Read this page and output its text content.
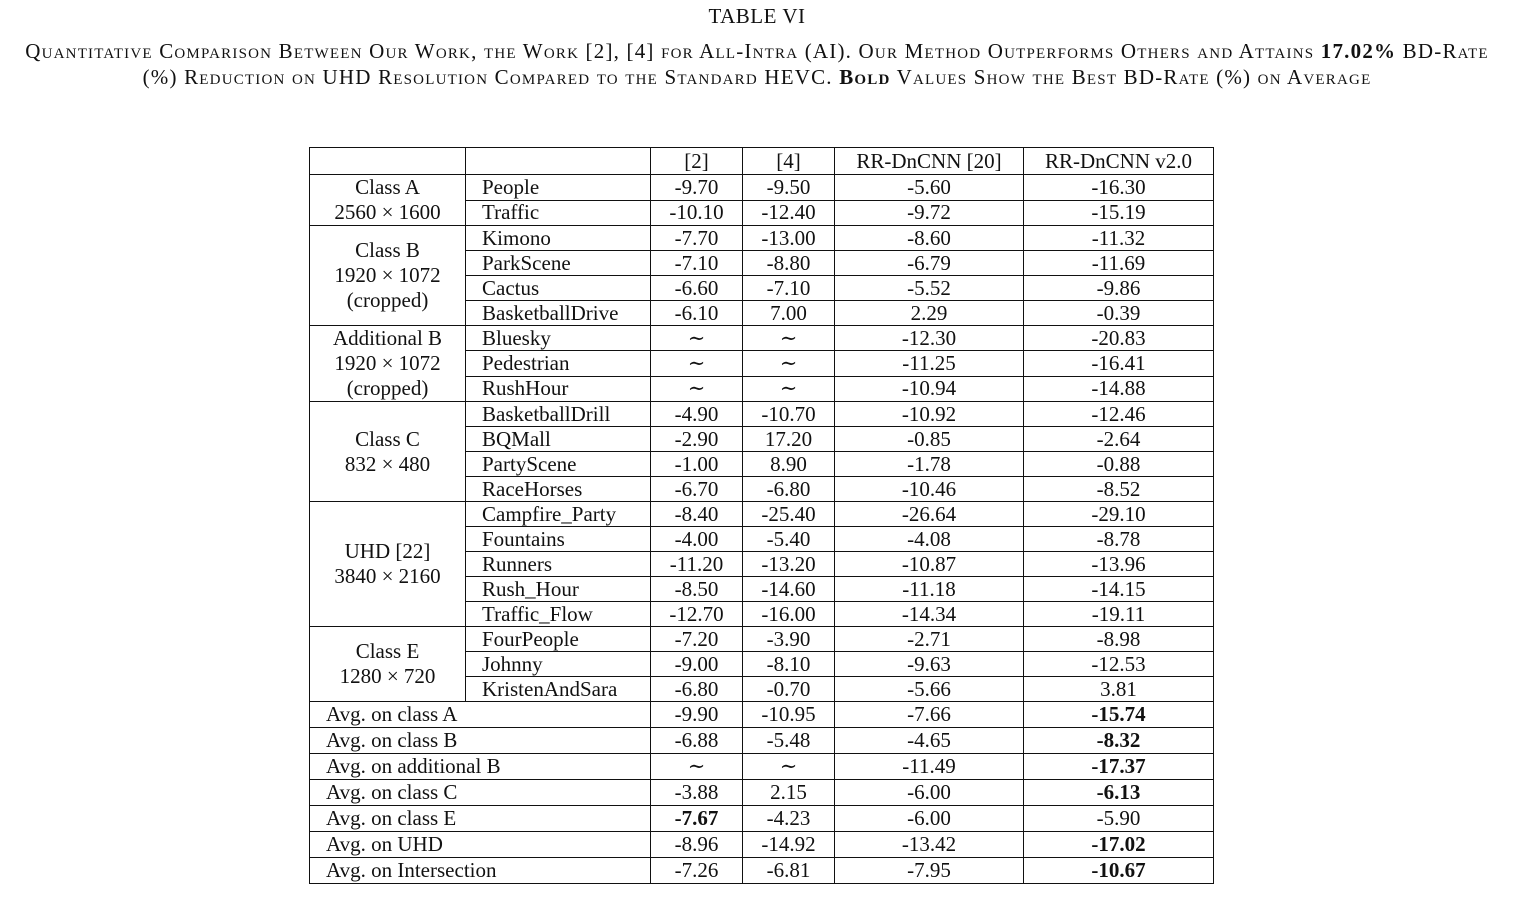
TABLE VI
Quantitative Comparison Between Our Work, the Work [2], [4] for All-Intra (AI). Our Method Outperforms Others and Attains 17.02% BD-Rate (%) Reduction on UHD Resolution Compared to the Standard HEVC. Bold Values Show the Best BD-Rate (%) on Average
		[2]	[4]	RR-DnCNN [20]	RR-DnCNN v2.0

Class A
2560 × 1600	People	-9.70	-9.50	-5.60	-16.30
	Traffic	-10.10	-12.40	-9.72	-15.19

Class B
1920 × 1072
(cropped)	Kimono	-7.70	-13.00	-8.60	-11.32
	ParkScene	-7.10	-8.80	-6.79	-11.69
	Cactus	-6.60	-7.10	-5.52	-9.86
	BasketballDrive	-6.10	7.00	2.29	-0.39

Additional B
1920 × 1072
(cropped)	Bluesky	∼	∼	-12.30	-20.83
	Pedestrian	∼	∼	-11.25	-16.41
	RushHour	∼	∼	-10.94	-14.88

Class C
832 × 480	BasketballDrill	-4.90	-10.70	-10.92	-12.46
	BQMall	-2.90	17.20	-0.85	-2.64
	PartyScene	-1.00	8.90	-1.78	-0.88
	RaceHorses	-6.70	-6.80	-10.46	-8.52

UHD [22]
3840 × 2160	Campfire_Party	-8.40	-25.40	-26.64	-29.10
	Fountains	-4.00	-5.40	-4.08	-8.78
	Runners	-11.20	-13.20	-10.87	-13.96
	Rush_Hour	-8.50	-14.60	-11.18	-14.15
	Traffic_Flow	-12.70	-16.00	-14.34	-19.11

Class E
1280 × 720	FourPeople	-7.20	-3.90	-2.71	-8.98
	Johnny	-9.00	-8.10	-9.63	-12.53
	KristenAndSara	-6.80	-0.70	-5.66	3.81
Avg. on class A		-9.90	-10.95	-7.66	-15.74
Avg. on class B		-6.88	-5.48	-4.65	-8.32
Avg. on additional B		∼	∼	-11.49	-17.37
Avg. on class C		-3.88	2.15	-6.00	-6.13
Avg. on class E		-7.67	-4.23	-6.00	-5.90
Avg. on UHD		-8.96	-14.92	-13.42	-17.02
Avg. on Intersection		-7.26	-6.81	-7.95	-10.67
